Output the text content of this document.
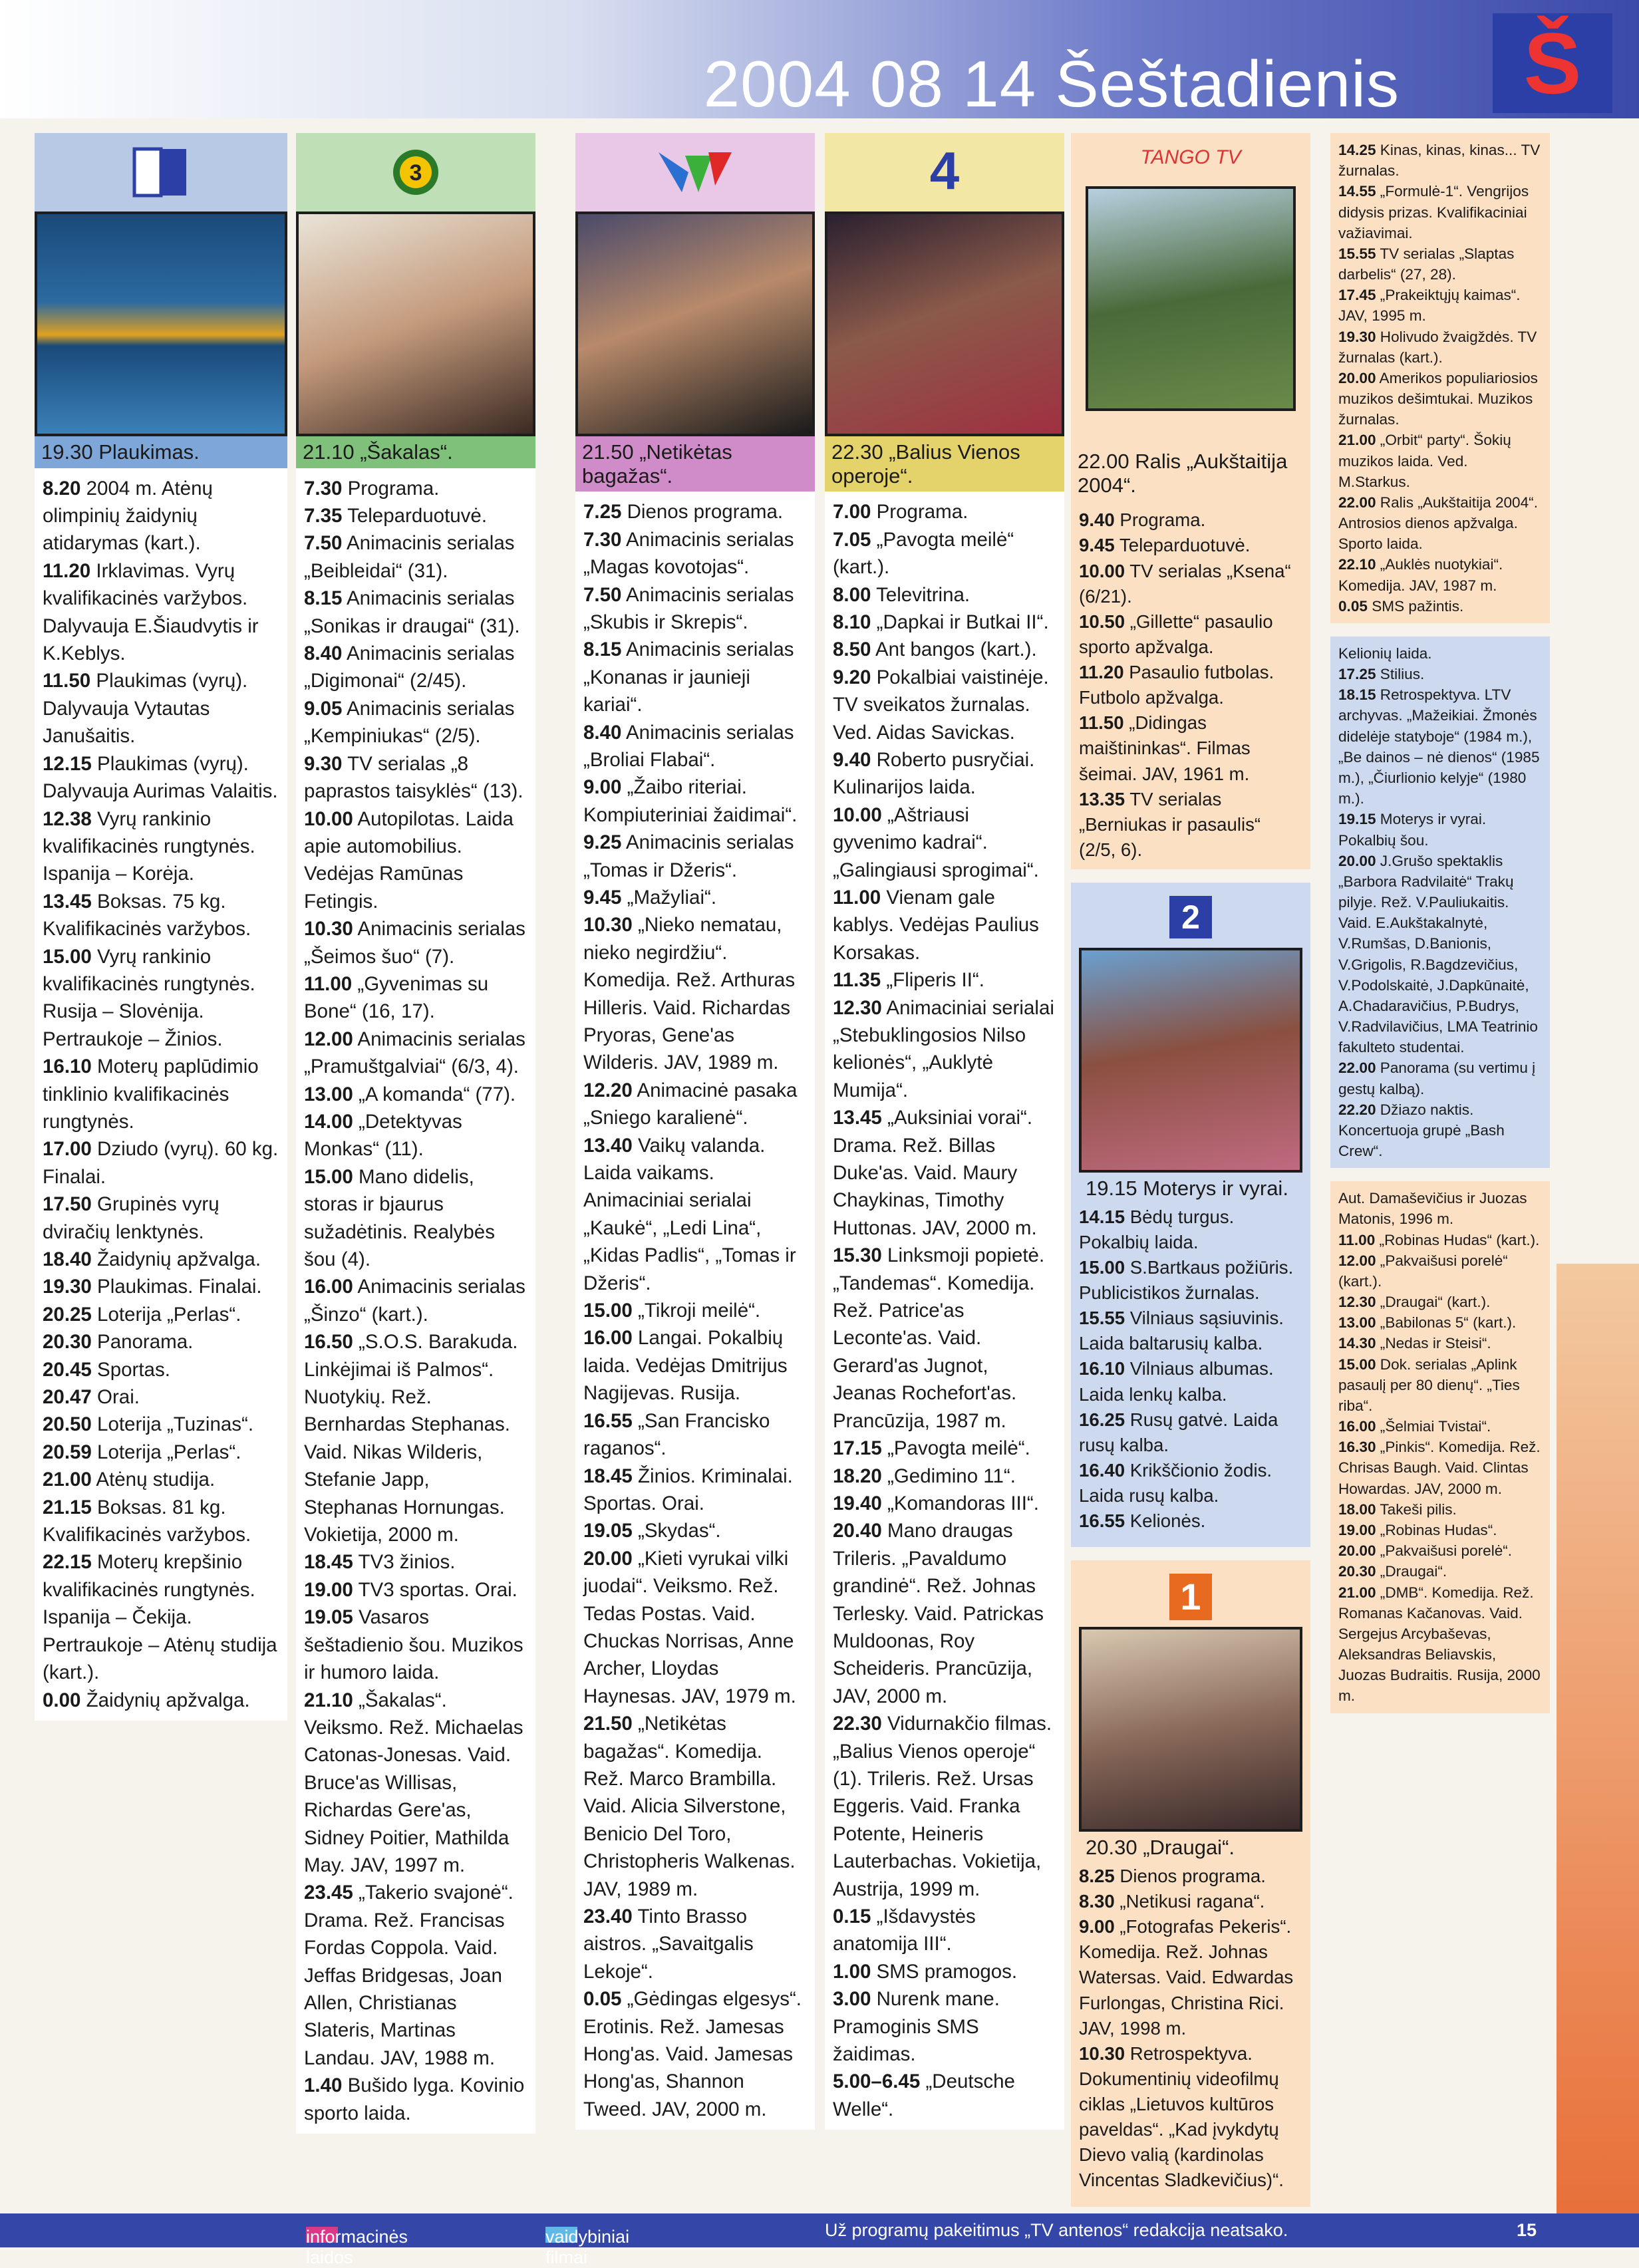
2004 08 14 Šeštadienis	Š
19.30 Plaukimas.
8.20 2004 m. Atėnų olimpinių žaidynių atidarymas (kart.).
11.20 Irklavimas. Vyrų kvalifikacinės varžybos. Dalyvauja E.Šiaudvytis ir K.Keblys.
11.50 Plaukimas (vyrų). Dalyvauja Vytautas Janušaitis.
12.15 Plaukimas (vyrų). Dalyvauja Aurimas Valaitis.
12.38 Vyrų rankinio kvalifikacinės rungtynės. Ispanija – Korėja.
13.45 Boksas. 75 kg. Kvalifikacinės varžybos.
15.00 Vyrų rankinio kvalifikacinės rungtynės. Rusija – Slovėnija. Pertraukoje – Žinios.
16.10 Moterų paplūdimio tinklinio kvalifikacinės rungtynės.
17.00 Dziudo (vyrų). 60 kg. Finalai.
17.50 Grupinės vyrų dviračių lenktynės.
18.40 Žaidynių apžvalga.
19.30 Plaukimas. Finalai.
20.25 Loterija „Perlas“.
20.30 Panorama.
20.45 Sportas.
20.47 Orai.
20.50 Loterija „Tuzinas“.
20.59 Loterija „Perlas“.
21.00 Atėnų studija.
21.15 Boksas. 81 kg. Kvalifikacinės varžybos.
22.15 Moterų krepšinio kvalifikacinės rungtynės. Ispanija – Čekija. Pertraukoje – Atėnų studija (kart.).
0.00 Žaidynių apžvalga.
3
21.10 „Šakalas“.
7.30 Programa.
7.35 Teleparduotuvė.
7.50 Animacinis serialas „Beibleidai“ (31).
8.15 Animacinis serialas „Sonikas ir draugai“ (31).
8.40 Animacinis serialas „Digimonai“ (2/45).
9.05 Animacinis serialas „Kempiniukas“ (2/5).
9.30 TV serialas „8 paprastos taisyklės“ (13).
10.00 Autopilotas. Laida apie automobilius. Vedėjas Ramūnas Fetingis.
10.30 Animacinis serialas „Šeimos šuo“ (7).
11.00 „Gyvenimas su Bone“ (16, 17).
12.00 Animacinis serialas „Pramuštgalviai“ (6/3, 4).
13.00 „A komanda“ (77).
14.00 „Detektyvas Monkas“ (11).
15.00 Mano didelis, storas ir bjaurus sužadėtinis. Realybės šou (4).
16.00 Animacinis serialas „Šinzo“ (kart.).
16.50 „S.O.S. Barakuda. Linkėjimai iš Palmos“. Nuotykių. Rež. Bernhardas Stephanas. Vaid. Nikas Wilderis, Stefanie Japp, Stephanas Hornungas. Vokietija, 2000 m.
18.45 TV3 žinios.
19.00 TV3 sportas. Orai.
19.05 Vasaros šeštadienio šou. Muzikos ir humoro laida.
21.10 „Šakalas“. Veiksmo. Rež. Michaelas Catonas-Jonesas. Vaid. Bruce'as Willisas, Richardas Gere'as, Sidney Poitier, Mathilda May. JAV, 1997 m.
23.45 „Takerio svajonė“. Drama. Rež. Francisas Fordas Coppola. Vaid. Jeffas Bridgesas, Joan Allen, Christianas Slateris, Martinas Landau. JAV, 1988 m.
1.40 Bušido lyga. Kovinio sporto laida.
21.50 „Netikėtas bagažas“.
7.25 Dienos programa.
7.30 Animacinis serialas „Magas kovotojas“.
7.50 Animacinis serialas „Skubis ir Skrepis“.
8.15 Animacinis serialas „Konanas ir jaunieji kariai“.
8.40 Animacinis serialas „Broliai Flabai“.
9.00 „Žaibo riteriai. Kompiuteriniai žaidimai“.
9.25 Animacinis serialas „Tomas ir Džeris“.
9.45 „Mažyliai“.
10.30 „Nieko nematau, nieko negirdžiu“. Komedija. Rež. Arthuras Hilleris. Vaid. Richardas Pryoras, Gene'as Wilderis. JAV, 1989 m.
12.20 Animacinė pasaka „Sniego karalienė“.
13.40 Vaikų valanda. Laida vaikams. Animaciniai serialai „Kaukė“, „Ledi Lina“, „Kidas Padlis“, „Tomas ir Džeris“.
15.00 „Tikroji meilė“.
16.00 Langai. Pokalbių laida. Vedėjas Dmitrijus Nagijevas. Rusija.
16.55 „San Francisko raganos“.
18.45 Žinios. Kriminalai. Sportas. Orai.
19.05 „Skydas“.
20.00 „Kieti vyrukai vilki juodai“. Veiksmo. Rež. Tedas Postas. Vaid. Chuckas Norrisas, Anne Archer, Lloydas Haynesas. JAV, 1979 m.
21.50 „Netikėtas bagažas“. Komedija. Rež. Marco Brambilla. Vaid. Alicia Silverstone, Benicio Del Toro, Christopheris Walkenas. JAV, 1989 m.
23.40 Tinto Brasso aistros. „Savaitgalis Lekoje“.
0.05 „Gėdingas elgesys“. Erotinis. Rež. Jamesas Hong'as. Vaid. Jamesas Hong'as, Shannon Tweed. JAV, 2000 m.
4
22.30 „Balius Vienos operoje“.
7.00 Programa.
7.05 „Pavogta meilė“ (kart.).
8.00 Televitrina.
8.10 „Dapkai ir Butkai II“.
8.50 Ant bangos (kart.).
9.20 Pokalbiai vaistinėje. TV sveikatos žurnalas. Ved. Aidas Savickas.
9.40 Roberto pusryčiai. Kulinarijos laida.
10.00 „Aštriausi gyvenimo kadrai“. „Galingiausi sprogimai“.
11.00 Vienam gale kablys. Vedėjas Paulius Korsakas.
11.35 „Fliperis II“.
12.30 Animaciniai serialai „Stebuklingosios Nilso kelionės“, „Auklytė Mumija“.
13.45 „Auksiniai vorai“. Drama. Rež. Billas Duke'as. Vaid. Maury Chaykinas, Timothy Huttonas. JAV, 2000 m.
15.30 Linksmoji popietė. „Tandemas“. Komedija. Rež. Patrice'as Leconte'as. Vaid. Gerard'as Jugnot, Jeanas Rochefort'as. Prancūzija, 1987 m.
17.15 „Pavogta meilė“.
18.20 „Gedimino 11“.
19.40 „Komandoras III“.
20.40 Mano draugas Trileris. „Pavaldumo grandinė“. Rež. Johnas Terlesky. Vaid. Patrickas Muldoonas, Roy Scheideris. Prancūzija, JAV, 2000 m.
22.30 Vidurnakčio filmas. „Balius Vienos operoje“ (1). Trileris. Rež. Ursas Eggeris. Vaid. Franka Potente, Heineris Lauterbachas. Vokietija, Austrija, 1999 m.
0.15 „Išdavystės anatomija III“.
1.00 SMS pramogos.
3.00 Nurenk mane. Pramoginis SMS žaidimas.
5.00–6.45 „Deutsche Welle“.
TANGO TV
22.00 Ralis „Aukštaitija 2004“.
9.40 Programa.
9.45 Teleparduotuvė.
10.00 TV serialas „Ksena“ (6/21).
10.50 „Gillette“ pasaulio sporto apžvalga.
11.20 Pasaulio futbolas. Futbolo apžvalga.
11.50 „Didingas maištininkas“. Filmas šeimai. JAV, 1961 m.
13.35 TV serialas „Berniukas ir pasaulis“ (2/5, 6).
2
19.15 Moterys ir vyrai.
14.15 Bėdų turgus. Pokalbių laida.
15.00 S.Bartkaus požiūris. Publicistikos žurnalas.
15.55 Vilniaus sąsiuvinis. Laida baltarusių kalba.
16.10 Vilniaus albumas. Laida lenkų kalba.
16.25 Rusų gatvė. Laida rusų kalba.
16.40 Krikščionio žodis. Laida rusų kalba.
16.55 Kelionės.
1
20.30 „Draugai“.
8.25 Dienos programa.
8.30 „Netikusi ragana“.
9.00 „Fotografas Pekeris“. Komedija. Rež. Johnas Watersas. Vaid. Edwardas Furlongas, Christina Rici. JAV, 1998 m.
10.30 Retrospektyva. Dokumentinių videofilmų ciklas „Lietuvos kultūros paveldas“. „Kad įvykdytų Dievo valią (kardinolas Vincentas Sladkevičius)“.
14.25 Kinas, kinas, kinas... TV žurnalas.
14.55 „Formulė-1“. Vengrijos didysis prizas. Kvalifikaciniai važiavimai.
15.55 TV serialas „Slaptas darbelis“ (27, 28).
17.45 „Prakeiktųjų kaimas“. JAV, 1995 m.
19.30 Holivudo žvaigždės. TV žurnalas (kart.).
20.00 Amerikos populiariosios muzikos dešimtukai. Muzikos žurnalas.
21.00 „Orbit“ party“. Šokių muzikos laida. Ved. M.Starkus.
22.00 Ralis „Aukštaitija 2004“. Antrosios dienos apžvalga. Sporto laida.
22.10 „Auklės nuotykiai“. Komedija. JAV, 1987 m.
0.05 SMS pažintis.
Kelionių laida.
17.25 Stilius.
18.15 Retrospektyva. LTV archyvas. „Mažeikiai. Žmonės didelėje statyboje“ (1984 m.), „Be dainos – nė dienos“ (1985 m.), „Čiurlionio kelyje“ (1980 m.).
19.15 Moterys ir vyrai. Pokalbių šou.
20.00 J.Grušo spektaklis „Barbora Radvilaitė“ Trakų pilyje. Rež. V.Pauliukaitis. Vaid. E.Aukštakalnytė, V.Rumšas, D.Banionis, V.Grigolis, R.Bagdzevičius, V.Podolskaitė, J.Dapkūnaitė, A.Chadaravičius, P.Budrys, V.Radvilavičius, LMA Teatrinio fakulteto studentai.
22.00 Panorama (su vertimu į gestų kalbą).
22.20 Džiazo naktis. Koncertuoja grupė „Bash Crew“.
Aut. Damaševičius ir Juozas Matonis, 1996 m.
11.00 „Robinas Hudas“ (kart.).
12.00 „Pakvaišusi porelė“ (kart.).
12.30 „Draugai“ (kart.).
13.00 „Babilonas 5“ (kart.).
14.30 „Nedas ir Steisi“.
15.00 Dok. serialas „Aplink pasaulį per 80 dienų“. „Ties riba“.
16.00 „Šelmiai Tvistai“.
16.30 „Pinkis“. Komedija. Rež. Chrisas Baugh. Vaid. Clintas Howardas. JAV, 2000 m.
18.00 Takeši pilis.
19.00 „Robinas Hudas“.
20.00 „Pakvaišusi porelė“.
20.30 „Draugai“.
21.00 „DMB“. Komedija. Rež. Romanas Kačanovas. Vaid. Sergejus Arcybaševas, Aleksandras Beliavskis, Juozas Budraitis. Rusija, 2000 m.
informacinės laidos
vaidybiniai filmai
Už programų pakeitimus „TV antenos“ redakcija neatsako.	15
